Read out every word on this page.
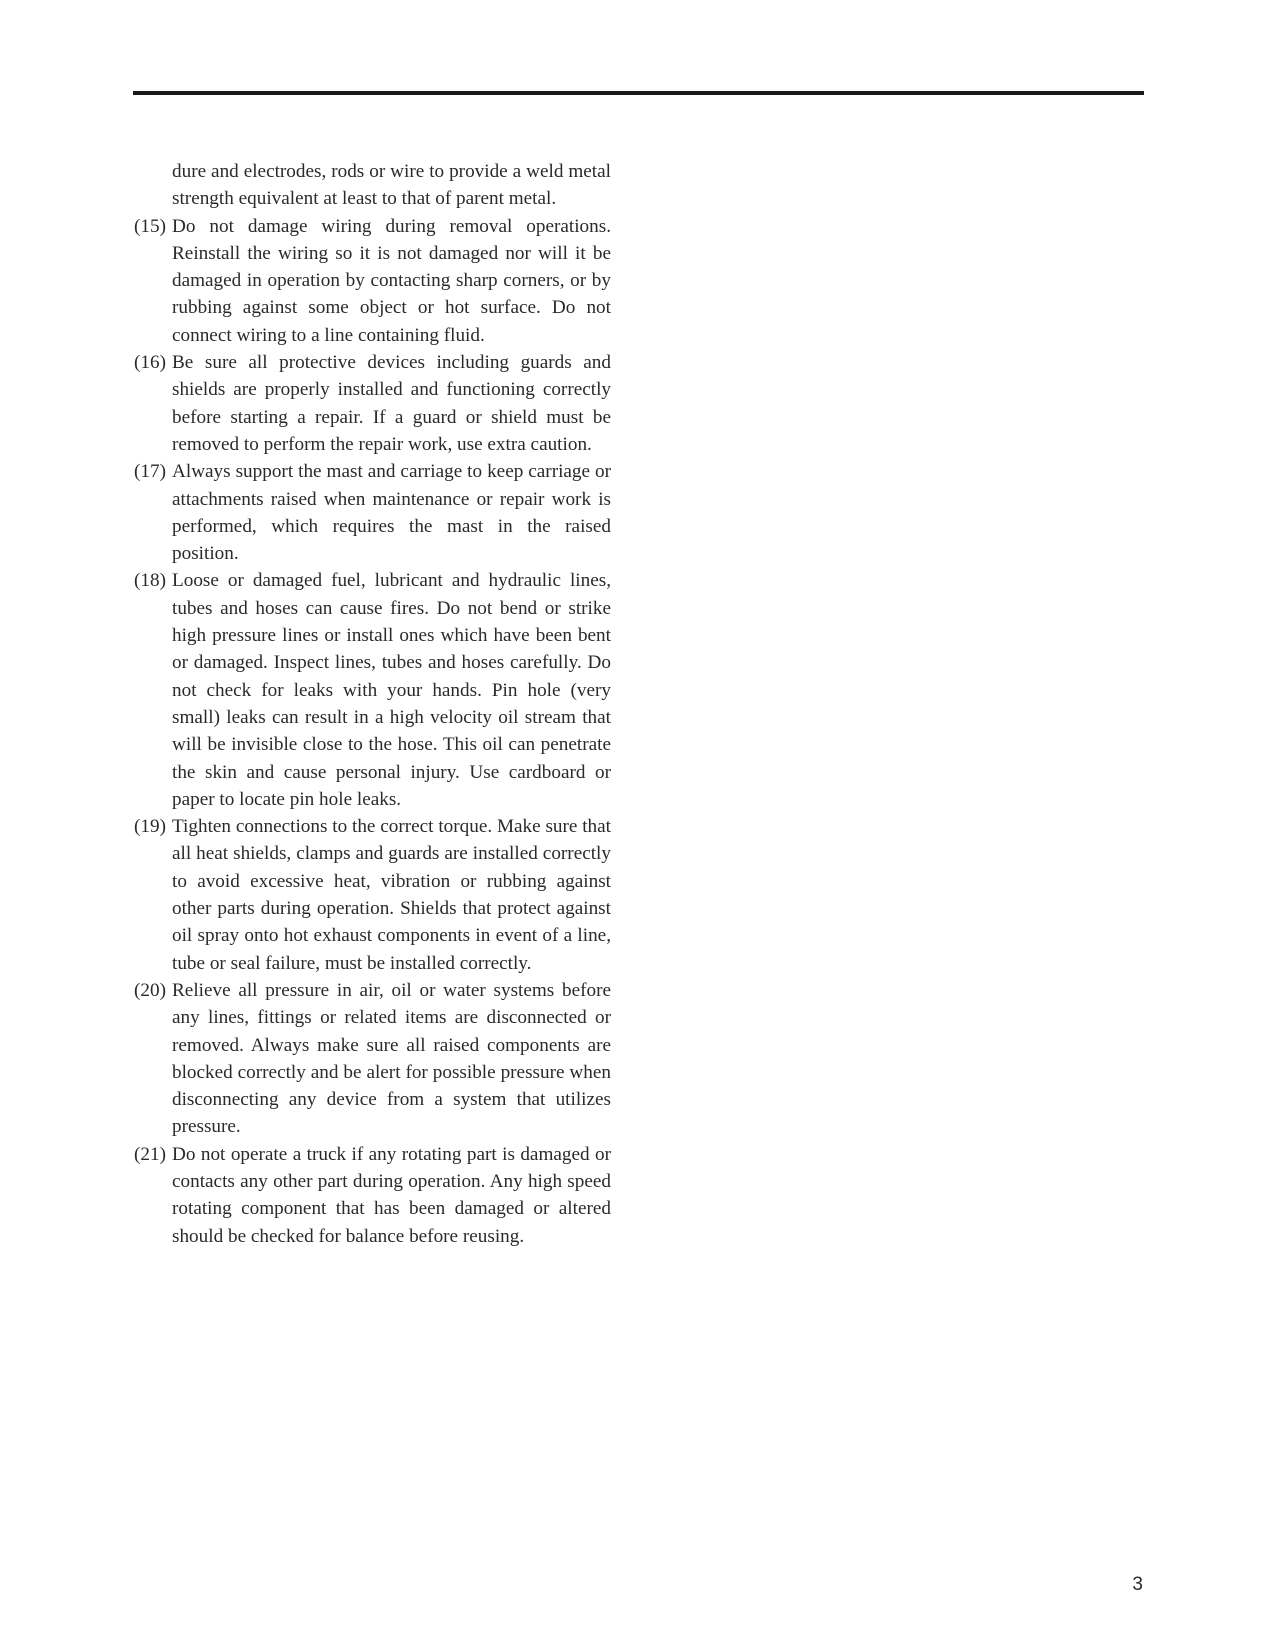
dure and electrodes, rods or wire to provide a weld metal strength equivalent at least to that of parent metal.
(15) Do not damage wiring during removal operations. Reinstall the wiring so it is not damaged nor will it be damaged in operation by contacting sharp corners, or by rubbing against some object or hot surface. Do not connect wiring to a line containing fluid.
(16) Be sure all protective devices including guards and shields are properly installed and functioning correctly before starting a repair. If a guard or shield must be removed to perform the repair work, use extra caution.
(17) Always support the mast and carriage to keep carriage or attachments raised when maintenance or repair work is performed, which requires the mast in the raised position.
(18) Loose or damaged fuel, lubricant and hydraulic lines, tubes and hoses can cause fires. Do not bend or strike high pressure lines or install ones which have been bent or damaged. Inspect lines, tubes and hoses carefully. Do not check for leaks with your hands. Pin hole (very small) leaks can result in a high velocity oil stream that will be invisible close to the hose. This oil can penetrate the skin and cause personal injury. Use cardboard or paper to locate pin hole leaks.
(19) Tighten connections to the correct torque. Make sure that all heat shields, clamps and guards are installed correctly to avoid excessive heat, vibration or rubbing against other parts during operation. Shields that protect against oil spray onto hot exhaust components in event of a line, tube or seal failure, must be installed correctly.
(20) Relieve all pressure in air, oil or water systems before any lines, fittings or related items are disconnected or removed. Always make sure all raised components are blocked correctly and be alert for possible pressure when disconnecting any device from a system that utilizes pressure.
(21) Do not operate a truck if any rotating part is damaged or contacts any other part during operation. Any high speed rotating component that has been damaged or altered should be checked for balance before reusing.
3
